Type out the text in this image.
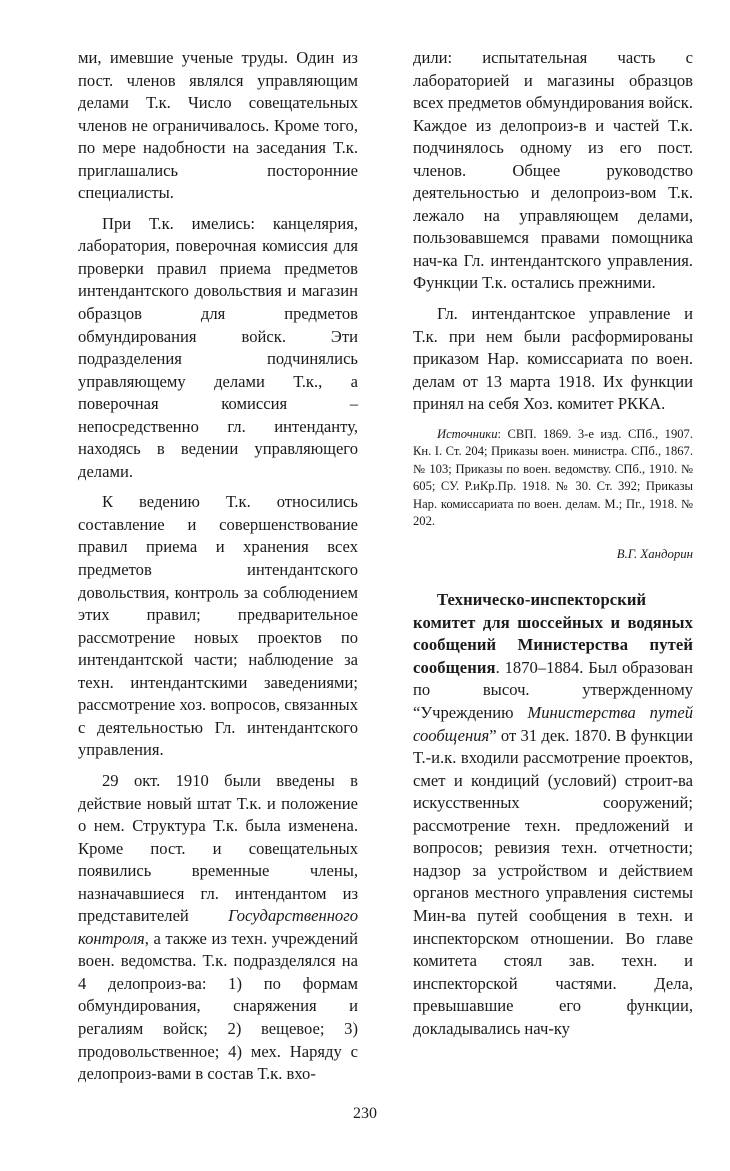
ми, имевшие ученые труды. Один из пост. членов являлся управляющим делами Т.к. Число совещательных членов не ограничивалось. Кроме того, по мере надобности на заседания Т.к. приглашались посторонние специалисты.

При Т.к. имелись: канцелярия, лаборатория, поверочная комиссия для проверки правил приема предметов интендантского довольствия и магазин образцов для предметов обмундирования войск. Эти подразделения подчинялись управляющему делами Т.к., а поверочная комиссия – непосредственно гл. интенданту, находясь в ведении управляющего делами.

К ведению Т.к. относились составление и совершенствование правил приема и хранения всех предметов интендантского довольствия, контроль за соблюдением этих правил; предварительное рассмотрение новых проектов по интендантской части; наблюдение за техн. интендантскими заведениями; рассмотрение хоз. вопросов, связанных с деятельностью Гл. интендантского управления.

29 окт. 1910 были введены в действие новый штат Т.к. и положение о нем. Структура Т.к. была изменена. Кроме пост. и совещательных появились временные члены, назначавшиеся гл. интендантом из представителей Государственного контроля, а также из техн. учреждений воен. ведомства. Т.к. подразделялся на 4 делопроиз-ва: 1) по формам обмундирования, снаряжения и регалиям войск; 2) вещевое; 3) продовольственное; 4) мех. Наряду с делопроиз-вами в состав Т.к. вхо-

дили: испытательная часть с лабораторией и магазины образцов всех предметов обмундирования войск. Каждое из делопроиз-в и частей Т.к. подчинялось одному из его пост. членов. Общее руководство деятельностью и делопроиз-вом Т.к. лежало на управляющем делами, пользовавшемся правами помощника нач-ка Гл. интендантского управления. Функции Т.к. остались прежними.

Гл. интендантское управление и Т.к. при нем были расформированы приказом Нар. комиссариата по воен. делам от 13 марта 1918. Их функции принял на себя Хоз. комитет РККА.

Источники: СВП. 1869. 3-е изд. СПб., 1907. Кн. I. Ст. 204; Приказы воен. министра. СПб., 1867. № 103; Приказы по воен. ведомству. СПб., 1910. № 605; СУ. Р.иКр.Пр. 1918. № 30. Ст. 392; Приказы Нар. комиссариата по воен. делам. М.; Пг., 1918. № 202.

В.Г. Хандорин

Техническо-инспекторский комитет для шоссейных и водяных сообщений Министерства путей сообщения. 1870–1884. Был образован по высоч. утвержденному “Учреждению Министерства путей сообщения” от 31 дек. 1870. В функции Т.-и.к. входили рассмотрение проектов, смет и кондиций (условий) строит-ва искусственных сооружений; рассмотрение техн. предложений и вопросов; ревизия техн. отчетности; надзор за устройством и действием органов местного управления системы Мин-ва путей сообщения в техн. и инспекторском отношении. Во главе комитета стоял зав. техн. и инспекторской частями. Дела, превышавшие его функции, докладывались нач-ку

230
